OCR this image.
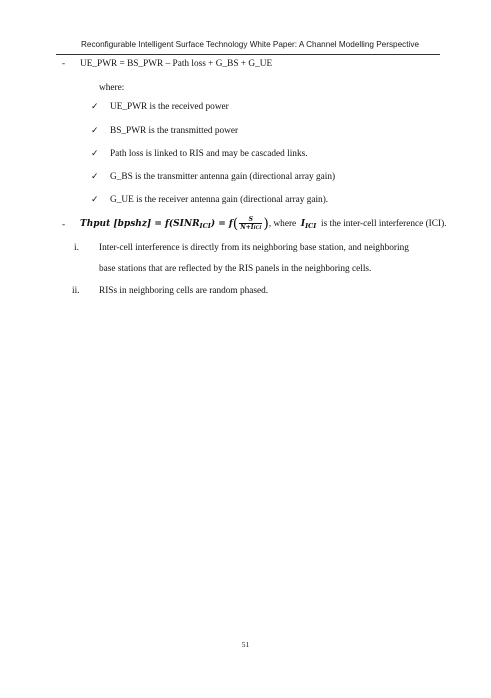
Reconfigurable Intelligent Surface Technology White Paper: A Channel Modelling Perspective
- UE_PWR = BS_PWR – Path loss + G_BS + G_UE
where:
✓ UE_PWR is the received power
✓ BS_PWR is the transmitted power
✓ Path loss is linked to RIS and may be cascaded links.
✓ G_BS is the transmitter antenna gain (directional array gain)
✓ G_UE is the receiver antenna gain (directional array gain).
- Thput [bpshz] = $f(SINR_{ICI}) = f( \frac{S}{\text{N+IICI}}$ ), where $I_{ICI}$ is the inter-cell interference (ICI).
i. Inter-cell interference is directly from its neighboring base station, and neighboring
base stations that are reflected by the RIS panels in the neighboring cells.
ii. RISs in neighboring cells are random phased.
51
